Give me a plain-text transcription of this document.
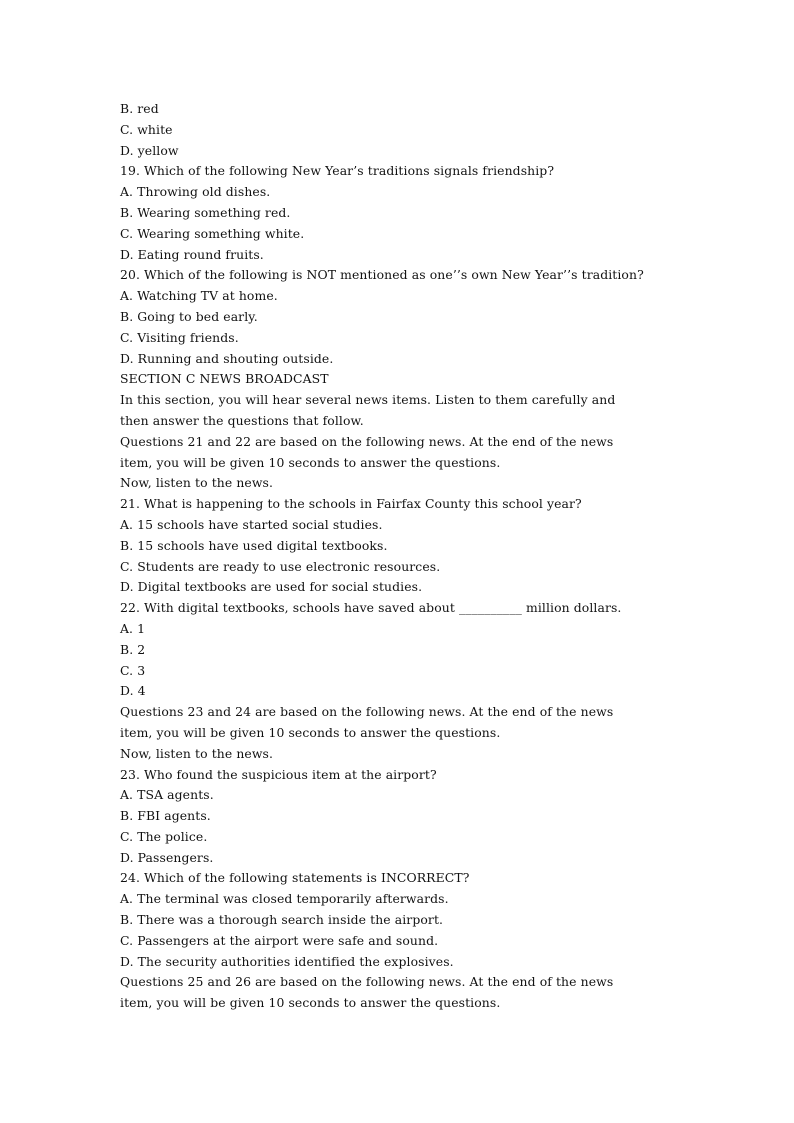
B. red
C. white
D. yellow
19. Which of the following New Year’s traditions signals friendship?
A. Throwing old dishes.
B. Wearing something red.
C. Wearing something white.
D. Eating round fruits.
20. Which of the following is NOT mentioned as one’’s own New Year’’s tradition?
A. Watching TV at home.
B. Going to bed early.
C. Visiting friends.
D. Running and shouting outside.
SECTION C NEWS BROADCAST
In this section, you will hear several news items. Listen to them carefully and
then answer the questions that follow.
Questions 21 and 22 are based on the following news. At the end of the news
item, you will be given 10 seconds to answer the questions.
Now, listen to the news.
21. What is happening to the schools in Fairfax County this school year?
A. 15 schools have started social studies.
B. 15 schools have used digital textbooks.
C. Students are ready to use electronic resources.
D. Digital textbooks are used for social studies.
22. With digital textbooks, schools have saved about __________ million dollars.
A. 1
B. 2
C. 3
D. 4
Questions 23 and 24 are based on the following news. At the end of the news
item, you will be given 10 seconds to answer the questions.
Now, listen to the news.
23. Who found the suspicious item at the airport?
A. TSA agents.
B. FBI agents.
C. The police.
D. Passengers.
24. Which of the following statements is INCORRECT?
A. The terminal was closed temporarily afterwards.
B. There was a thorough search inside the airport.
C. Passengers at the airport were safe and sound.
D. The security authorities identified the explosives.
Questions 25 and 26 are based on the following news. At the end of the news
item, you will be given 10 seconds to answer the questions.
